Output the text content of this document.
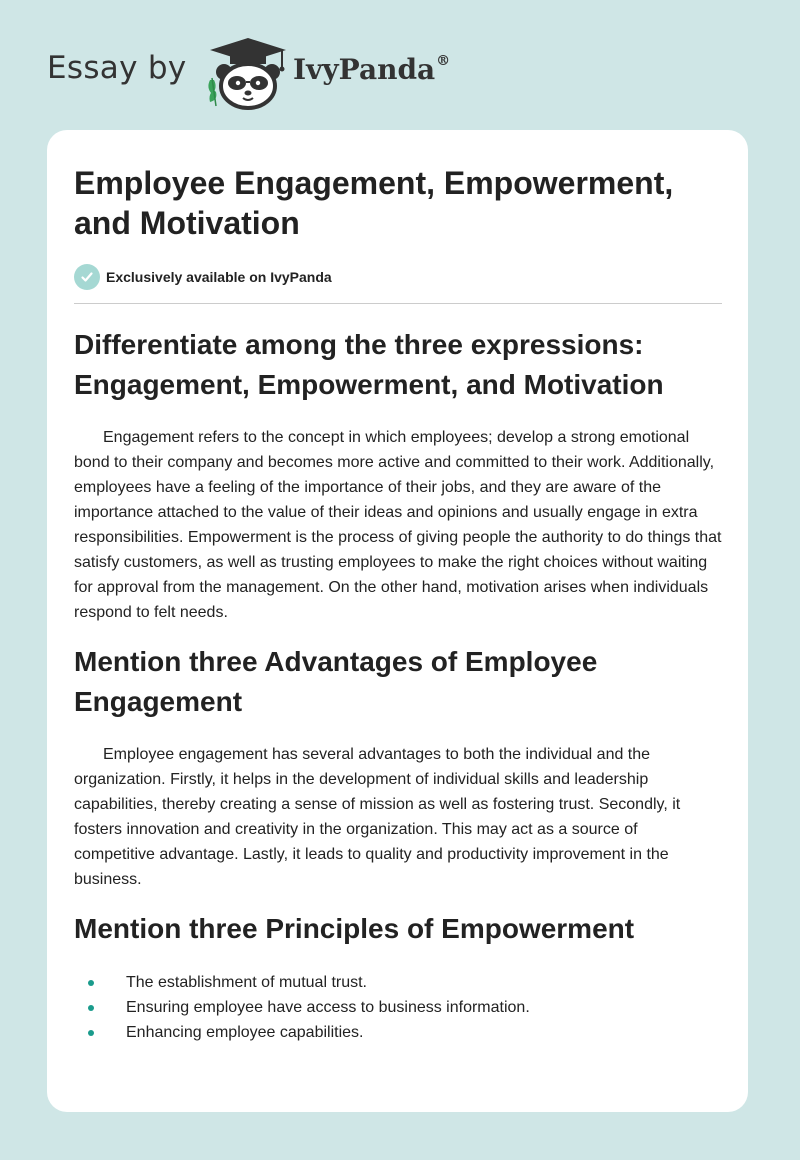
Essay by	IvyPanda®
Employee Engagement, Empowerment, and Motivation
Exclusively available on IvyPanda
Differentiate among the three expressions: Engagement, Empowerment, and Motivation

Engagement refers to the concept in which employees; develop a strong emotional bond to their company and becomes more active and committed to their work. Additionally, employees have a feeling of the importance of their jobs, and they are aware of the importance attached to the value of their ideas and opinions and usually engage in extra responsibilities. Empowerment is the process of giving people the authority to do things that satisfy customers, as well as trusting employees to make the right choices without waiting for approval from the management. On the other hand, motivation arises when individuals respond to felt needs.

Mention three Advantages of Employee Engagement

Employee engagement has several advantages to both the individual and the organization. Firstly, it helps in the development of individual skills and leadership capabilities, thereby creating a sense of mission as well as fostering trust. Secondly, it fosters innovation and creativity in the organization. This may act as a source of competitive advantage. Lastly, it leads to quality and productivity improvement in the business.

Mention three Principles of Empowerment
The establishment of mutual trust.
Ensuring employee have access to business information.
Enhancing employee capabilities.
